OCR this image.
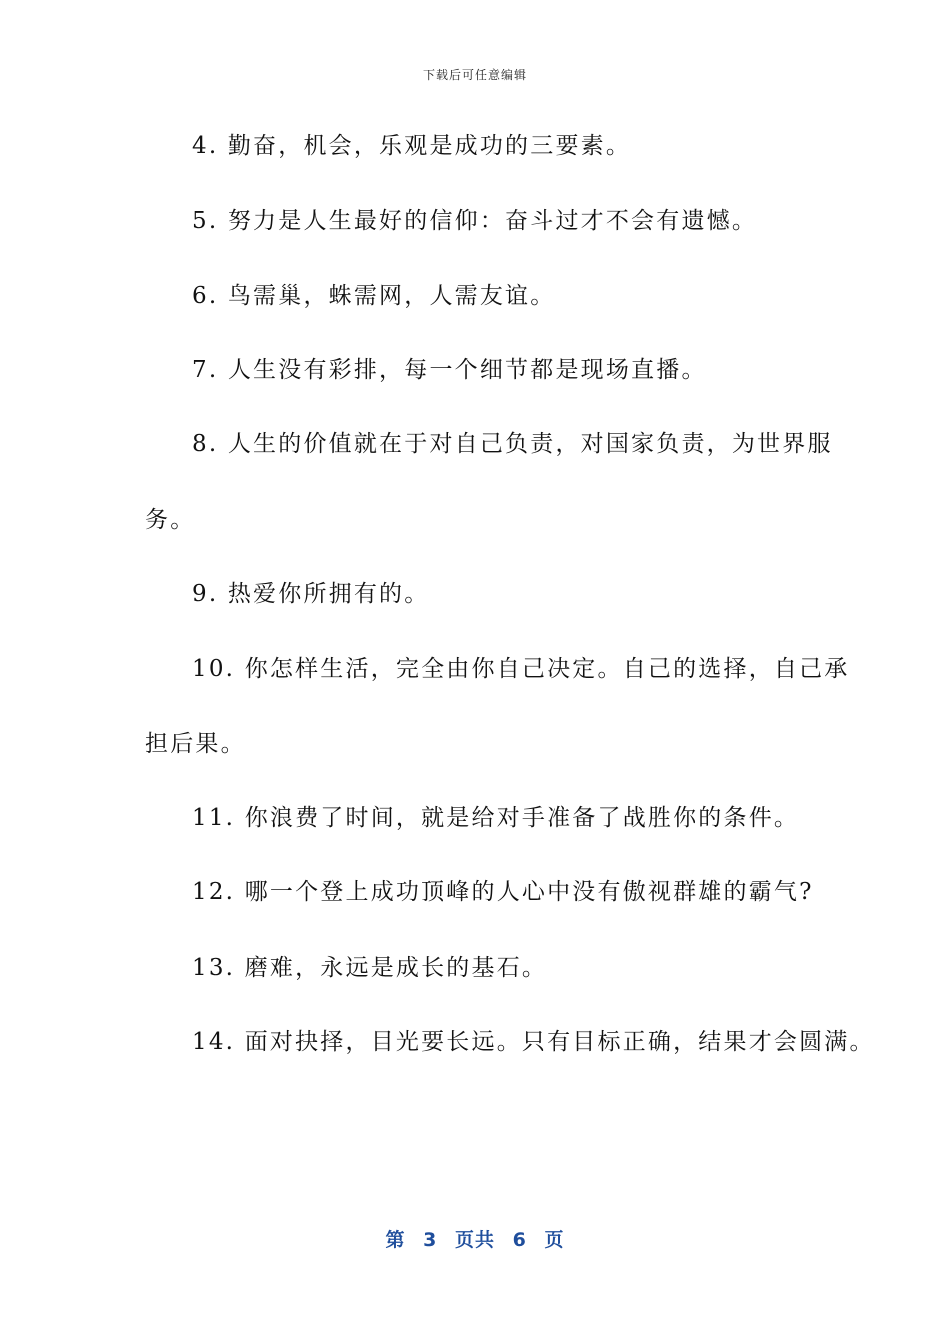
下载后可任意编辑
4. 勤奋，机会，乐观是成功的三要素。
5. 努力是人生最好的信仰：奋斗过才不会有遗憾。
6. 鸟需巢，蛛需网，人需友谊。
7. 人生没有彩排，每一个细节都是现场直播。
8. 人生的价值就在于对自己负责，对国家负责，为世界服
务。
9. 热爱你所拥有的。
10. 你怎样生活，完全由你自己决定。自己的选择，自己承
担后果。
11. 你浪费了时间，就是给对手准备了战胜你的条件。
12. 哪一个登上成功顶峰的人心中没有傲视群雄的霸气?
13. 磨难，永远是成长的基石。
14. 面对抉择，目光要长远。只有目标正确，结果才会圆满。
第 3 页共 6 页
